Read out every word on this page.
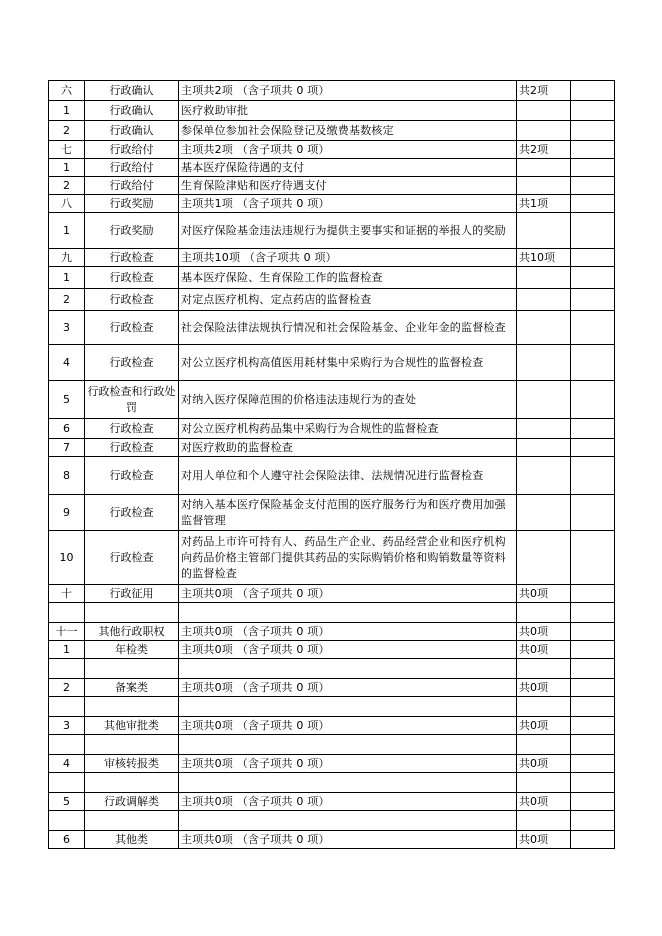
六	行政确认	主项共2项 （含子项共 0 项）	共2项	
1	行政确认	医疗救助审批		
2	行政确认	参保单位参加社会保险登记及缴费基数核定		
七	行政给付	主项共2项 （含子项共 0 项）	共2项	
1	行政给付	基本医疗保险待遇的支付		
2	行政给付	生育保险津贴和医疗待遇支付		
八	行政奖励	主项共1项 （含子项共 0 项）	共1项	
1	行政奖励	对医疗保险基金违法违规行为提供主要事实和证据的举报人的奖励		
九	行政检查	主项共10项 （含子项共 0 项）	共10项	
1	行政检查	基本医疗保险、生育保险工作的监督检查		
2	行政检查	对定点医疗机构、定点药店的监督检查		
3	行政检查	社会保险法律法规执行情况和社会保险基金、企业年金的监督检查		
4	行政检查	对公立医疗机构高值医用耗材集中采购行为合规性的监督检查		
5	行政检查和行政处罚	对纳入医疗保障范围的价格违法违规行为的查处		
6	行政检查	对公立医疗机构药品集中采购行为合规性的监督检查		
7	行政检查	对医疗救助的监督检查		
8	行政检查	对用人单位和个人遵守社会保险法律、法规情况进行监督检查		
9	行政检查	对纳入基本医疗保险基金支付范围的医疗服务行为和医疗费用加强监督管理		
10	行政检查	对药品上市许可持有人、药品生产企业、药品经营企业和医疗机构向药品价格主管部门提供其药品的实际购销价格和购销数量等资料的监督检查		
十	行政征用	主项共0项 （含子项共 0 项）	共0项	

十一	其他行政职权	主项共0项 （含子项共 0 项）	共0项	
1	年检类	主项共0项 （含子项共 0 项）	共0项	

2	备案类	主项共0项 （含子项共 0 项）	共0项	

3	其他审批类	主项共0项 （含子项共 0 项）	共0项	

4	审核转报类	主项共0项 （含子项共 0 项）	共0项	

5	行政调解类	主项共0项 （含子项共 0 项）	共0项	

6	其他类	主项共0项 （含子项共 0 项）	共0项	
